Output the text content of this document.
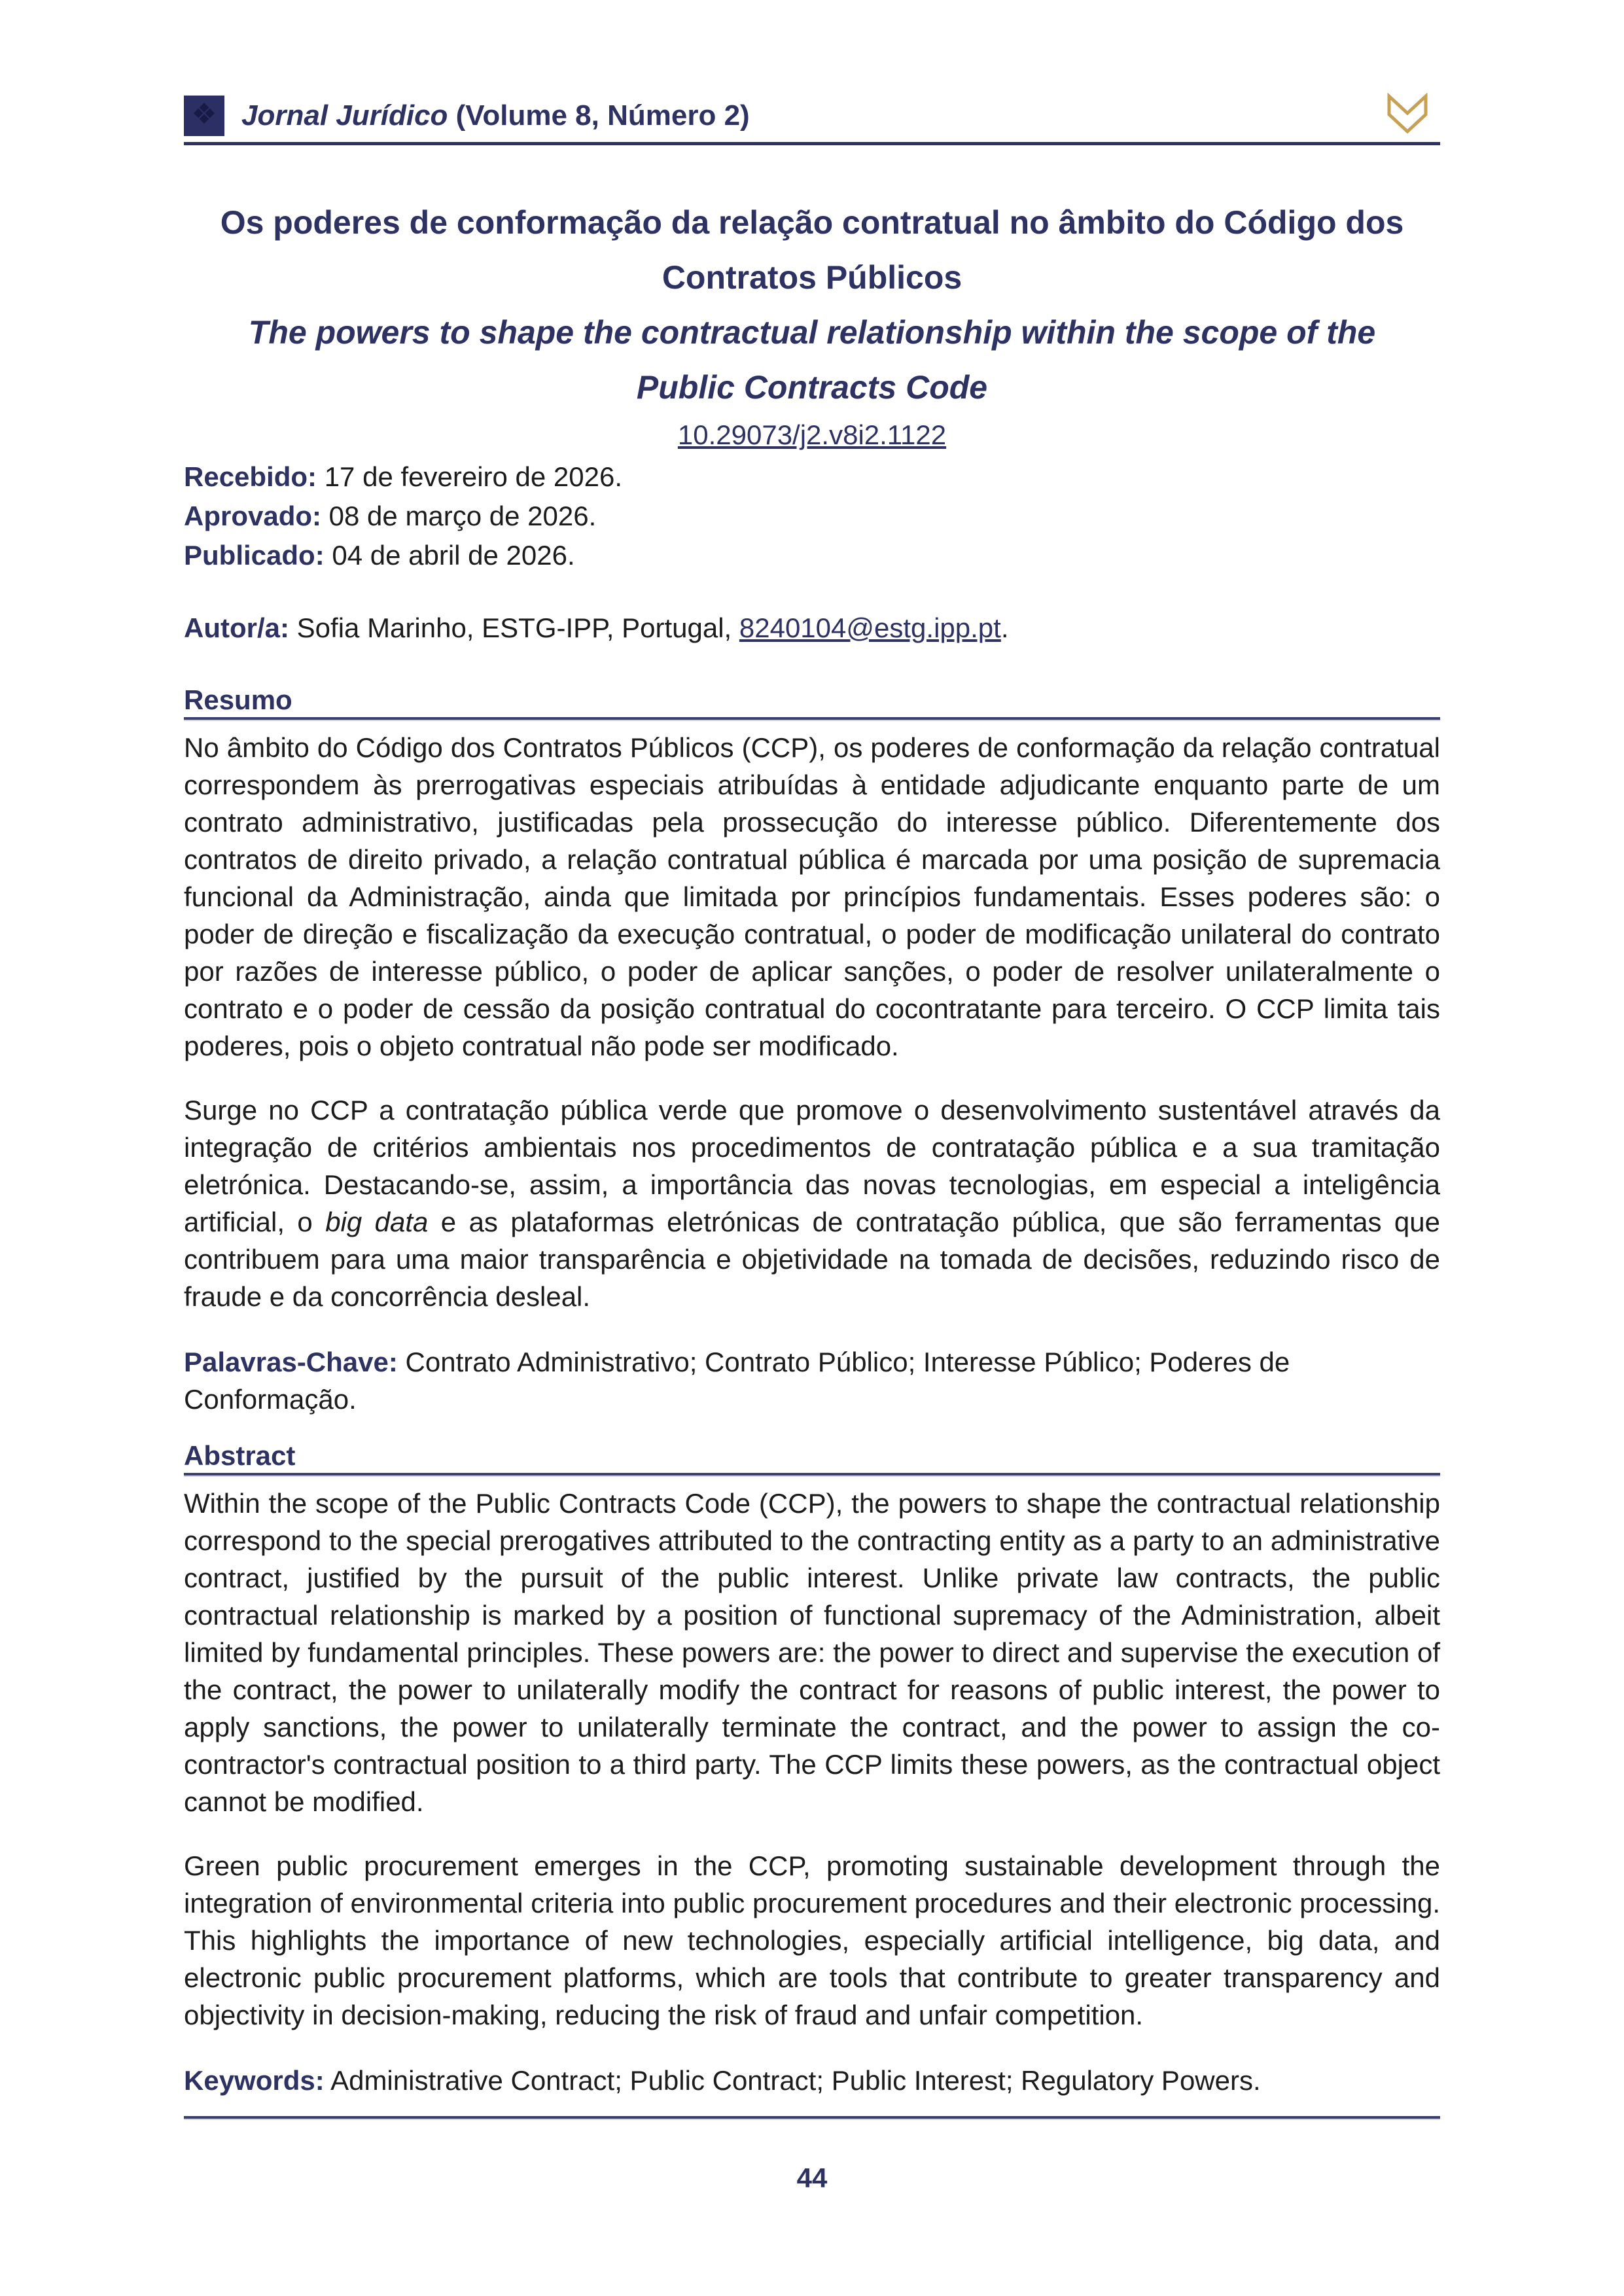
❖ Jornal Jurídico (Volume 8, Número 2)
Os poderes de conformação da relação contratual no âmbito do Código dos
Contratos Públicos
The powers to shape the contractual relationship within the scope of the
Public Contracts Code
10.29073/j2.v8i2.1122
Recebido: 17 de fevereiro de 2026.
Aprovado: 08 de março de 2026.
Publicado: 04 de abril de 2026.
Autor/a: Sofia Marinho, ESTG-IPP, Portugal, 8240104@estg.ipp.pt.
Resumo

No âmbito do Código dos Contratos Públicos (CCP), os poderes de conformação da relação contratual correspondem às prerrogativas especiais atribuídas à entidade adjudicante enquanto parte de um contrato administrativo, justificadas pela prossecução do interesse público. Diferentemente dos contratos de direito privado, a relação contratual pública é marcada por uma posição de supremacia funcional da Administração, ainda que limitada por princípios fundamentais. Esses poderes são: o poder de direção e fiscalização da execução contratual, o poder de modificação unilateral do contrato por razões de interesse público, o poder de aplicar sanções, o poder de resolver unilateralmente o contrato e o poder de cessão da posição contratual do cocontratante para terceiro. O CCP limita tais poderes, pois o objeto contratual não pode ser modificado.

Surge no CCP a contratação pública verde que promove o desenvolvimento sustentável através da integração de critérios ambientais nos procedimentos de contratação pública e a sua tramitação eletrónica. Destacando-se, assim, a importância das novas tecnologias, em especial a inteligência artificial, o big data e as plataformas eletrónicas de contratação pública, que são ferramentas que contribuem para uma maior transparência e objetividade na tomada de decisões, reduzindo risco de fraude e da concorrência desleal.

Palavras-Chave: Contrato Administrativo; Contrato Público; Interesse Público; Poderes de Conformação.
Abstract

Within the scope of the Public Contracts Code (CCP), the powers to shape the contractual relationship correspond to the special prerogatives attributed to the contracting entity as a party to an administrative contract, justified by the pursuit of the public interest. Unlike private law contracts, the public contractual relationship is marked by a position of functional supremacy of the Administration, albeit limited by fundamental principles. These powers are: the power to direct and supervise the execution of the contract, the power to unilaterally modify the contract for reasons of public interest, the power to apply sanctions, the power to unilaterally terminate the contract, and the power to assign the co-contractor's contractual position to a third party. The CCP limits these powers, as the contractual object cannot be modified.

Green public procurement emerges in the CCP, promoting sustainable development through the integration of environmental criteria into public procurement procedures and their electronic processing. This highlights the importance of new technologies, especially artificial intelligence, big data, and electronic public procurement platforms, which are tools that contribute to greater transparency and objectivity in decision-making, reducing the risk of fraud and unfair competition.

Keywords: Administrative Contract; Public Contract; Public Interest; Regulatory Powers.
44
